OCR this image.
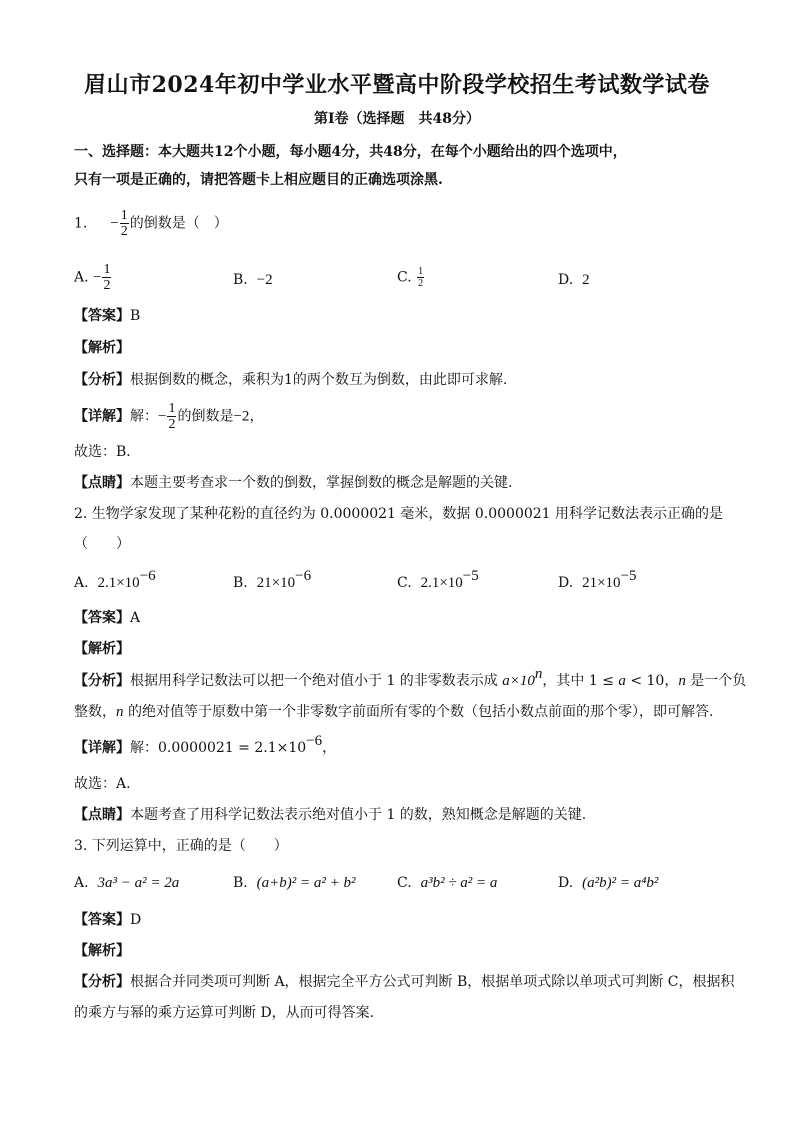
眉山市2024年初中学业水平暨高中阶段学校招生考试数学试卷
第I卷（选择题　共48分）
一、选择题：本大题共12个小题，每小题4分，共48分，在每个小题给出的四个选项中，
只有一项是正确的，请把答题卡上相应题目的正确选项涂黑.
1. − $\frac{1}{2}$ 的倒数是（　）
A. − $\frac{1}{2}$	B. −2	C. $\frac{1}{2}$	D. 2
【答案】B
【解析】
【分析】根据倒数的概念，乘积为1的两个数互为倒数，由此即可求解.
【详解】解：− $\frac{1}{2}$ 的倒数是−2，
故选：B．
【点睛】本题主要考查求一个数的倒数，掌握倒数的概念是解题的关键.
2. 生物学家发现了某种花粉的直径约为 0.0000021 毫米，数据 0.0000021 用科学记数法表示正确的是
（　　）
A. $2.1\times 10^{-6}$	B. $21\times 10^{-6}$	C. $2.1\times 10^{-5}$	D. $21\times 10^{-5}$
【答案】A
【解析】
【分析】根据用科学记数法可以把一个绝对值小于 1 的非零数表示成 $a\times 10^n$，其中 1 ≤ a < 10，n 是一个负
整数，n 的绝对值等于原数中第一个非零数字前面所有零的个数（包括小数点前面的那个零），即可解答.
【详解】解：$0.0000021 = 2.1\times 10^{-6}$，
故选：A.
【点睛】本题考查了用科学记数法表示绝对值小于 1 的数，熟知概念是解题的关键.
3. 下列运算中，正确的是（　　）
A. 3a³ − a² = 2a	B. (a+b)² = a² + b²	C. a³b² ÷ a² = a	D. (a²b)² = a⁴b²
【答案】D
【解析】
【分析】根据合并同类项可判断 A，根据完全平方公式可判断 B，根据单项式除以单项式可判断 C，根据积
的乘方与幂的乘方运算可判断 D，从而可得答案.
